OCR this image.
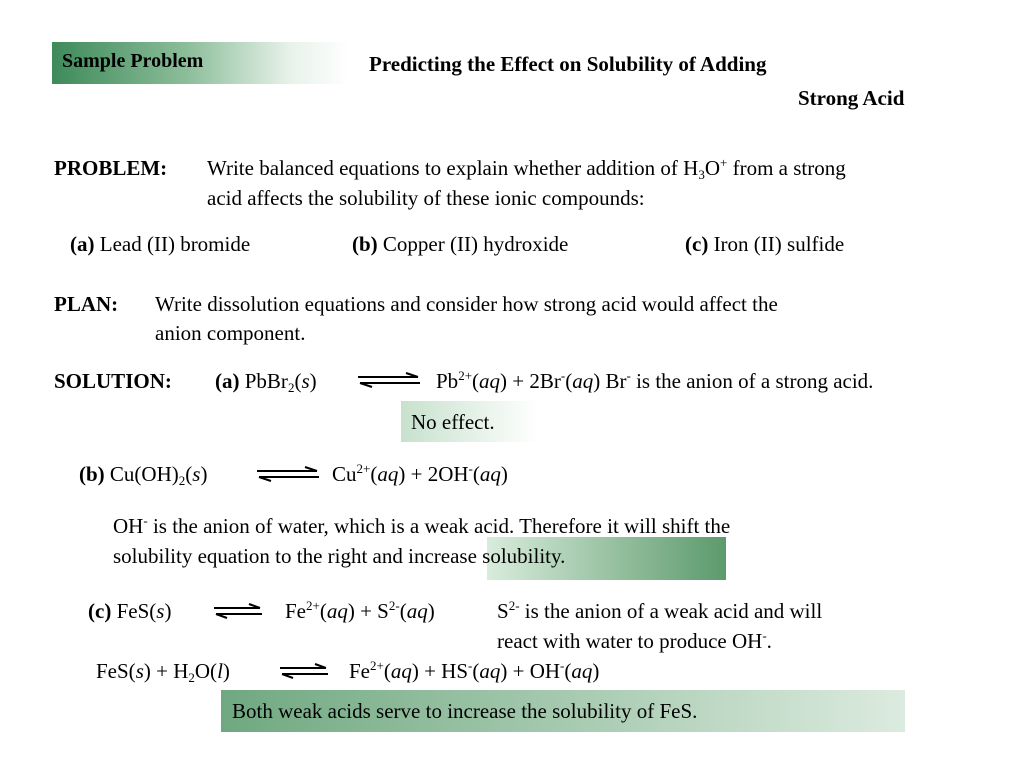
Sample Problem	Predicting the Effect on Solubility of Adding
Strong Acid
PROBLEM: Write balanced equations to explain whether addition of $H_3O^+$ from a strong
acid affects the solubility of these ionic compounds:
(a) Lead (II) bromide	(b) Copper (II) hydroxide	(c) Iron (II) sulfide
PLAN: Write dissolution equations and consider how strong acid would affect the
anion component.
SOLUTION: (a) PbBr$_2$(s)	$Pb^{2+}(aq) + 2Br^-(aq)$ Br- is the anion of a strong acid.
No effect.
(b) $Cu(OH)_2(s)$	$Cu^{2+}(aq) + 2OH^-(aq)$
OH- is the anion of water, which is a weak acid. Therefore it will shift the
solubility equation to the right and increase solubility.
(c) FeS(s)	⇌ $Fe^{2+}(aq) + S^{2-}(aq)$	$S^{2-}$ is the anion of a weak acid and will
react with water to produce OH-.
$FeS(s) + H_2O(l)$	⇌ $Fe^{2+}(aq) + HS^-(aq) + OH^-(aq)$
Both weak acids serve to increase the solubility of FeS.
